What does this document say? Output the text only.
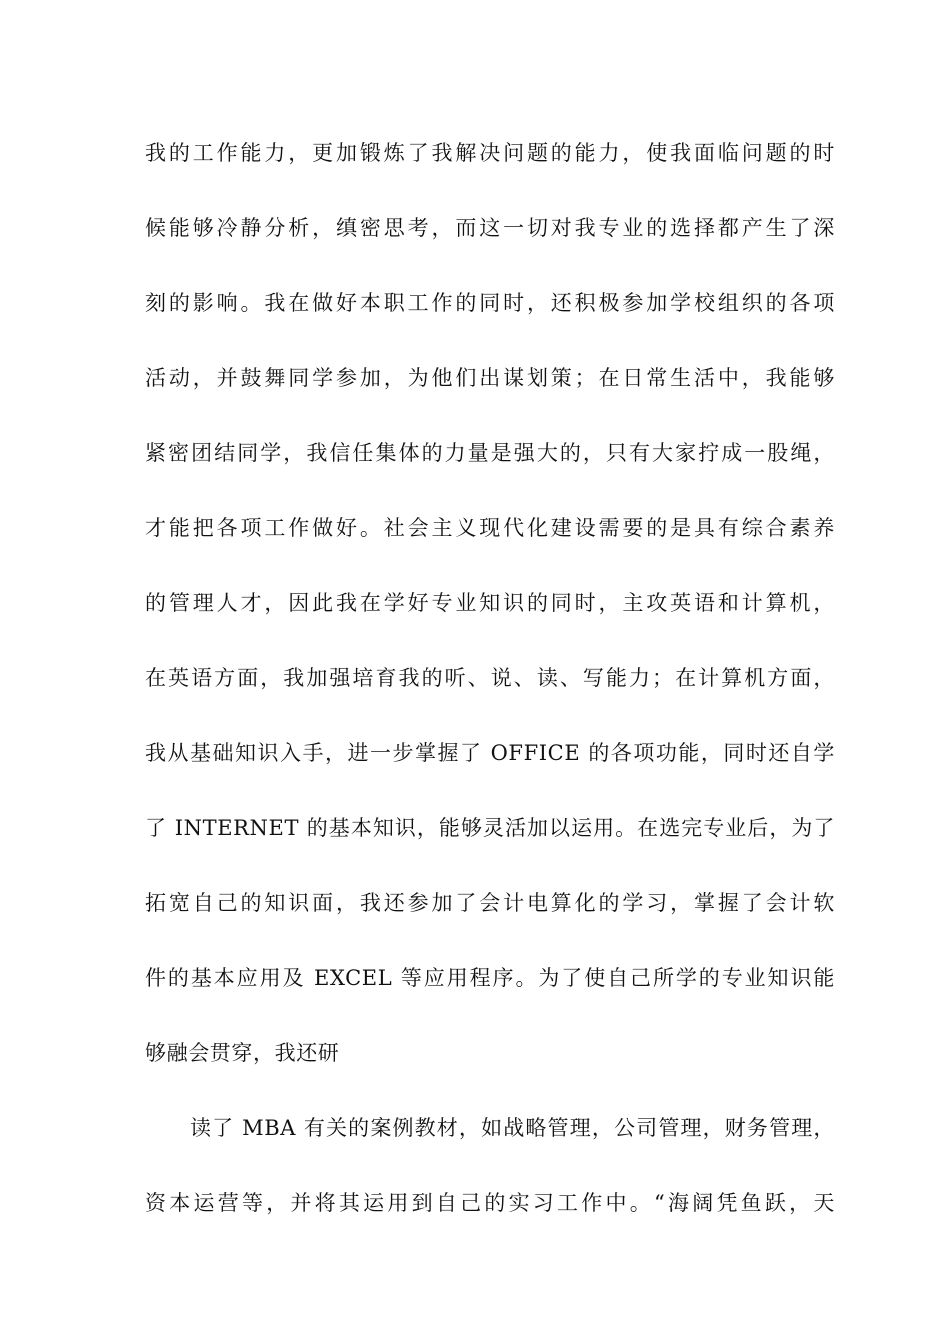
我的工作能力，更加锻炼了我解决问题的能力，使我面临问题的时
候能够冷静分析，缜密思考，而这一切对我专业的选择都产生了深
刻的影响。我在做好本职工作的同时，还积极参加学校组织的各项
活动，并鼓舞同学参加，为他们出谋划策；在日常生活中，我能够
紧密团结同学，我信任集体的力量是强大的，只有大家拧成一股绳，
才能把各项工作做好。社会主义现代化建设需要的是具有综合素养
的管理人才，因此我在学好专业知识的同时，主攻英语和计算机，
在英语方面，我加强培育我的听、说、读、写能力；在计算机方面，
我从基础知识入手，进一步掌握了 OFFICE 的各项功能，同时还自学
了 INTERNET 的基本知识，能够灵活加以运用。在选完专业后，为了
拓宽自己的知识面，我还参加了会计电算化的学习，掌握了会计软
件的基本应用及 EXCEL 等应用程序。为了使自己所学的专业知识能
够融会贯穿，我还研
读了 MBA 有关的案例教材，如战略管理，公司管理，财务管理，
资本运营等，并将其运用到自己的实习工作中。“海阔凭鱼跃，天
